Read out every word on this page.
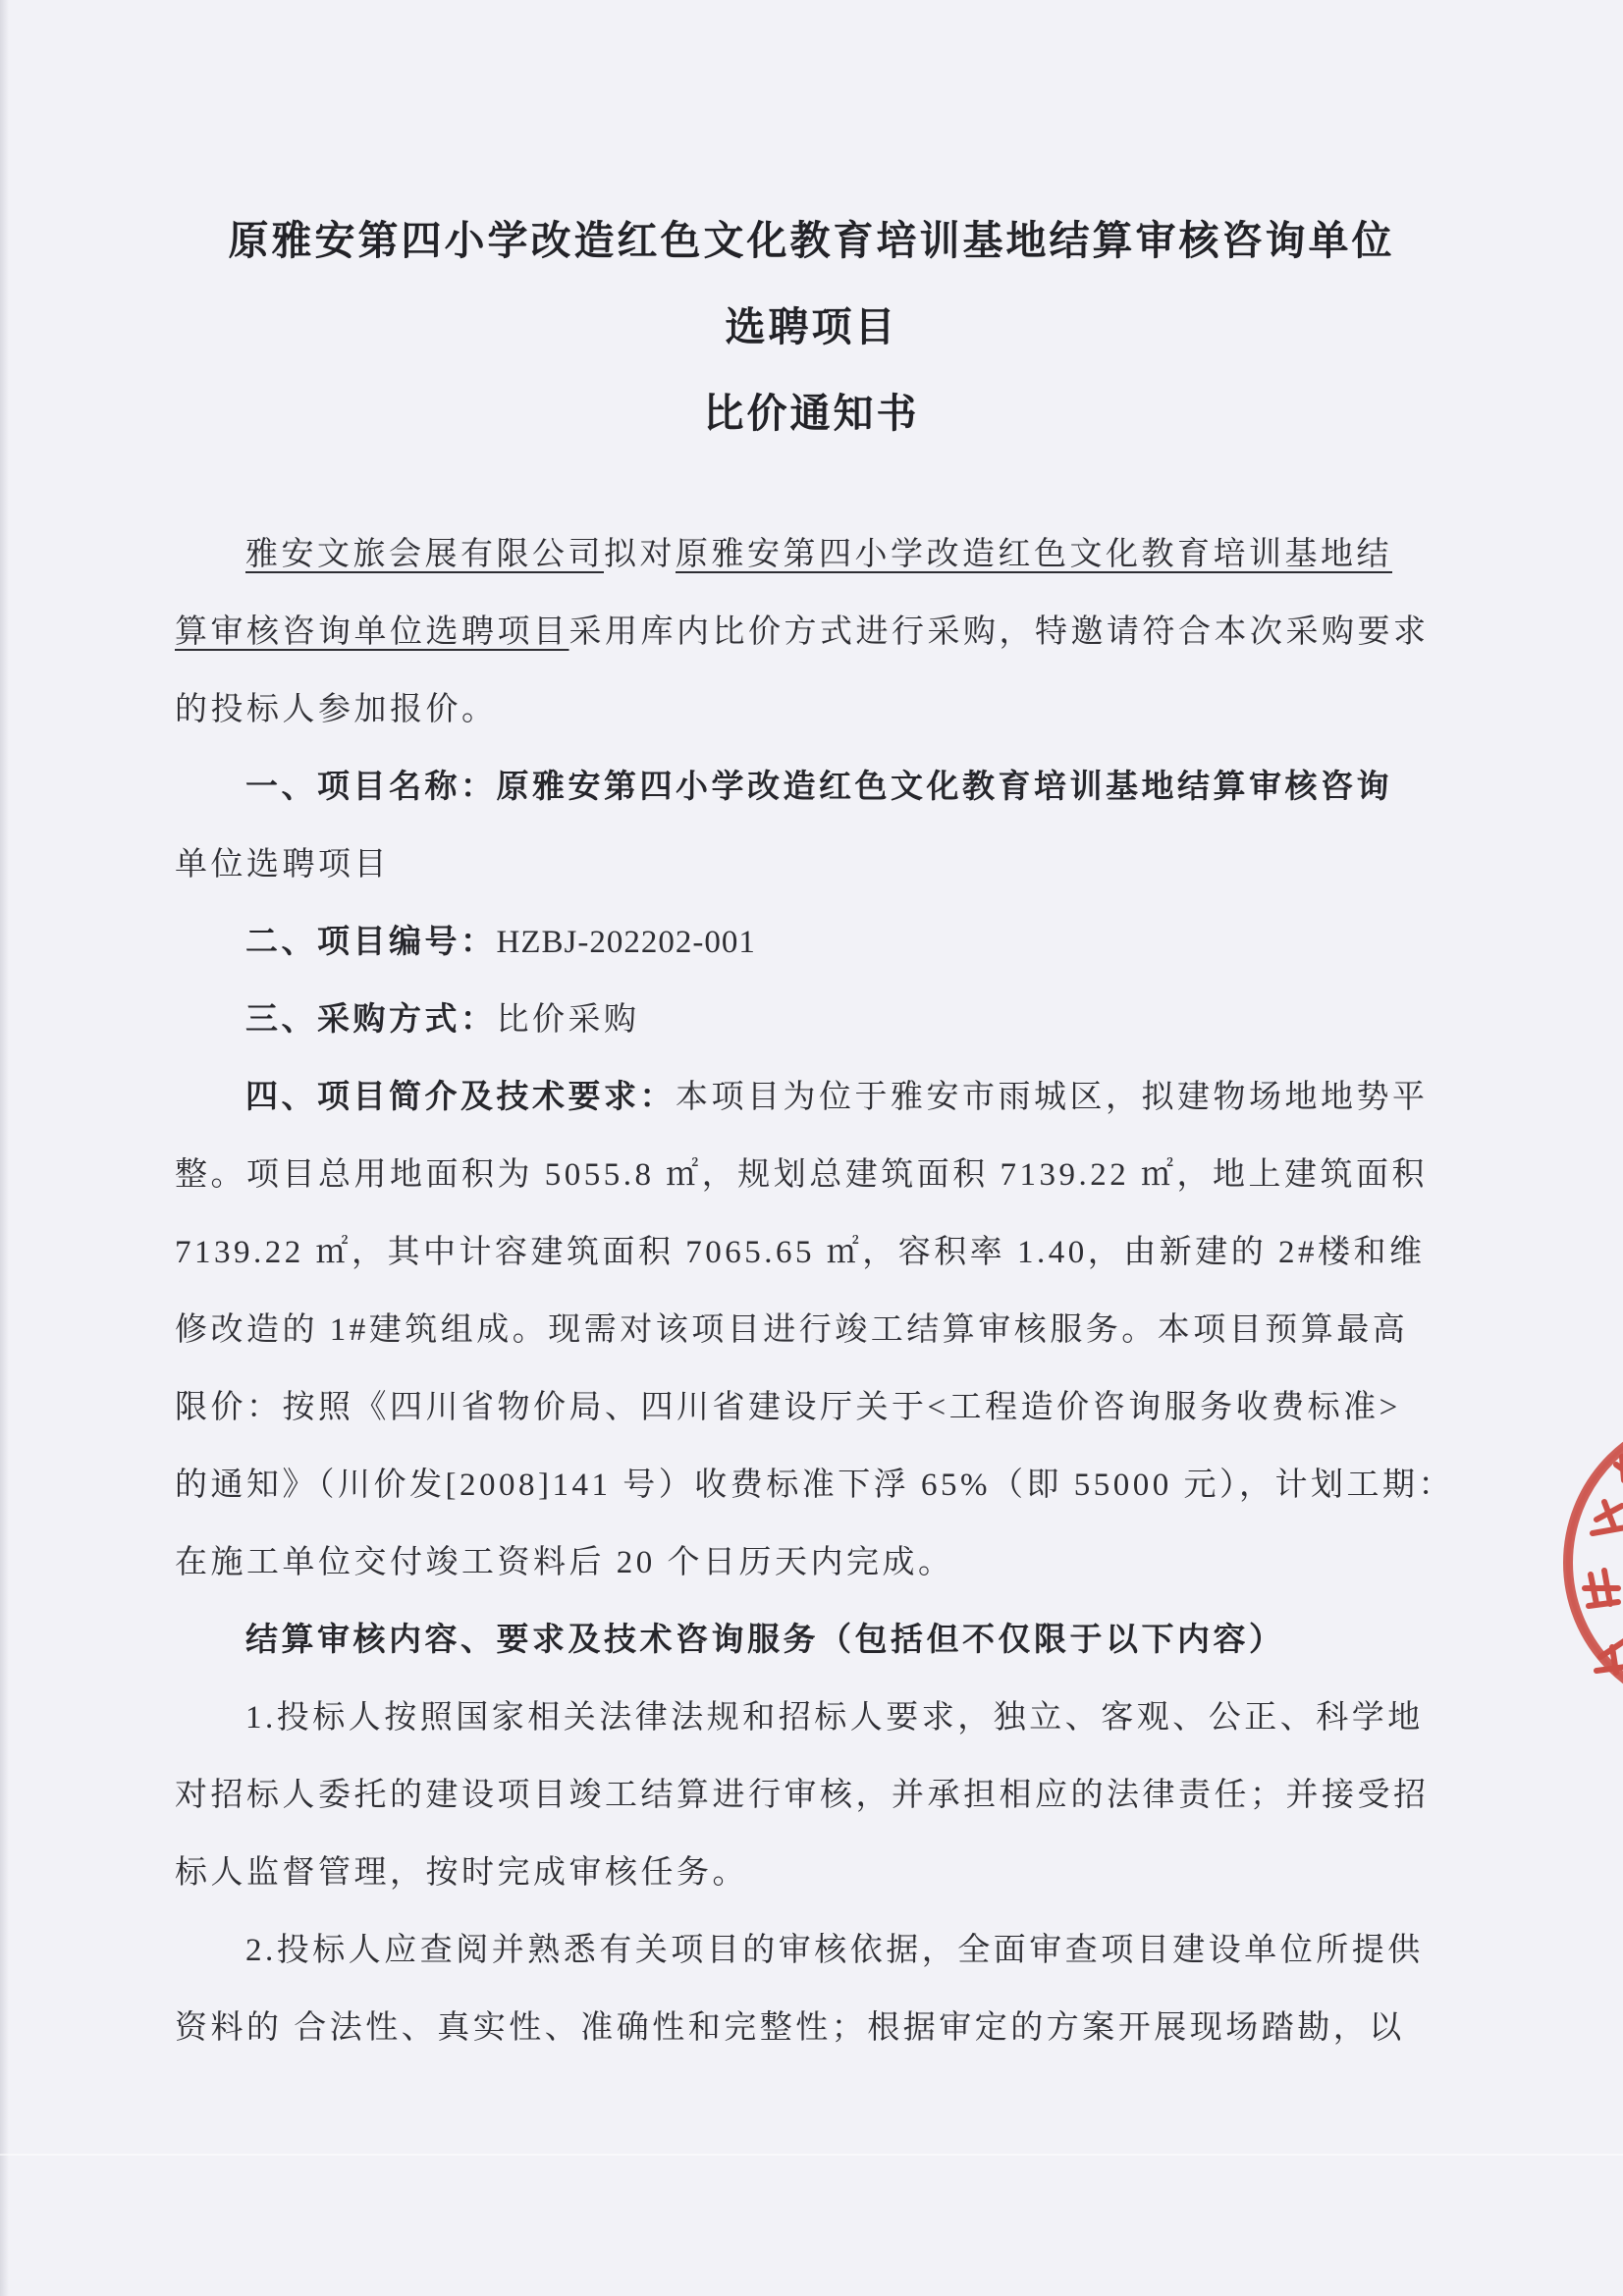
原雅安第四小学改造红色文化教育培训基地结算审核咨询单位
选聘项目
比价通知书

雅安文旅会展有限公司拟对原雅安第四小学改造红色文化教育培训基地结

算审核咨询单位选聘项目采用库内比价方式进行采购，特邀请符合本次采购要求

的投标人参加报价。

一、项目名称：原雅安第四小学改造红色文化教育培训基地结算审核咨询

单位选聘项目

二、项目编号：HZBJ-202202-001

三、采购方式：比价采购

四、项目简介及技术要求：本项目为位于雅安市雨城区，拟建物场地地势平

整。项目总用地面积为 5055.8 ㎡，规划总建筑面积 7139.22 ㎡，地上建筑面积

7139.22 ㎡，其中计容建筑面积 7065.65 ㎡，容积率 1.40，由新建的 2#楼和维

修改造的 1#建筑组成。现需对该项目进行竣工结算审核服务。本项目预算最高

限价：按照《四川省物价局、四川省建设厅关于<工程造价咨询服务收费标准>

的通知》（川价发[2008]141 号）收费标准下浮 65%（即 55000 元），计划工期：

在施工单位交付竣工资料后 20 个日历天内完成。

结算审核内容、要求及技术咨询服务（包括但不仅限于以下内容）

1.投标人按照国家相关法律法规和招标人要求，独立、客观、公正、科学地

对招标人委托的建设项目竣工结算进行审核，并承担相应的法律责任；并接受招

标人监督管理，按时完成审核任务。

2.投标人应查阅并熟悉有关项目的审核依据，全面审查项目建设单位所提供

资料的 合法性、真实性、准确性和完整性；根据审定的方案开展现场踏勘，以
